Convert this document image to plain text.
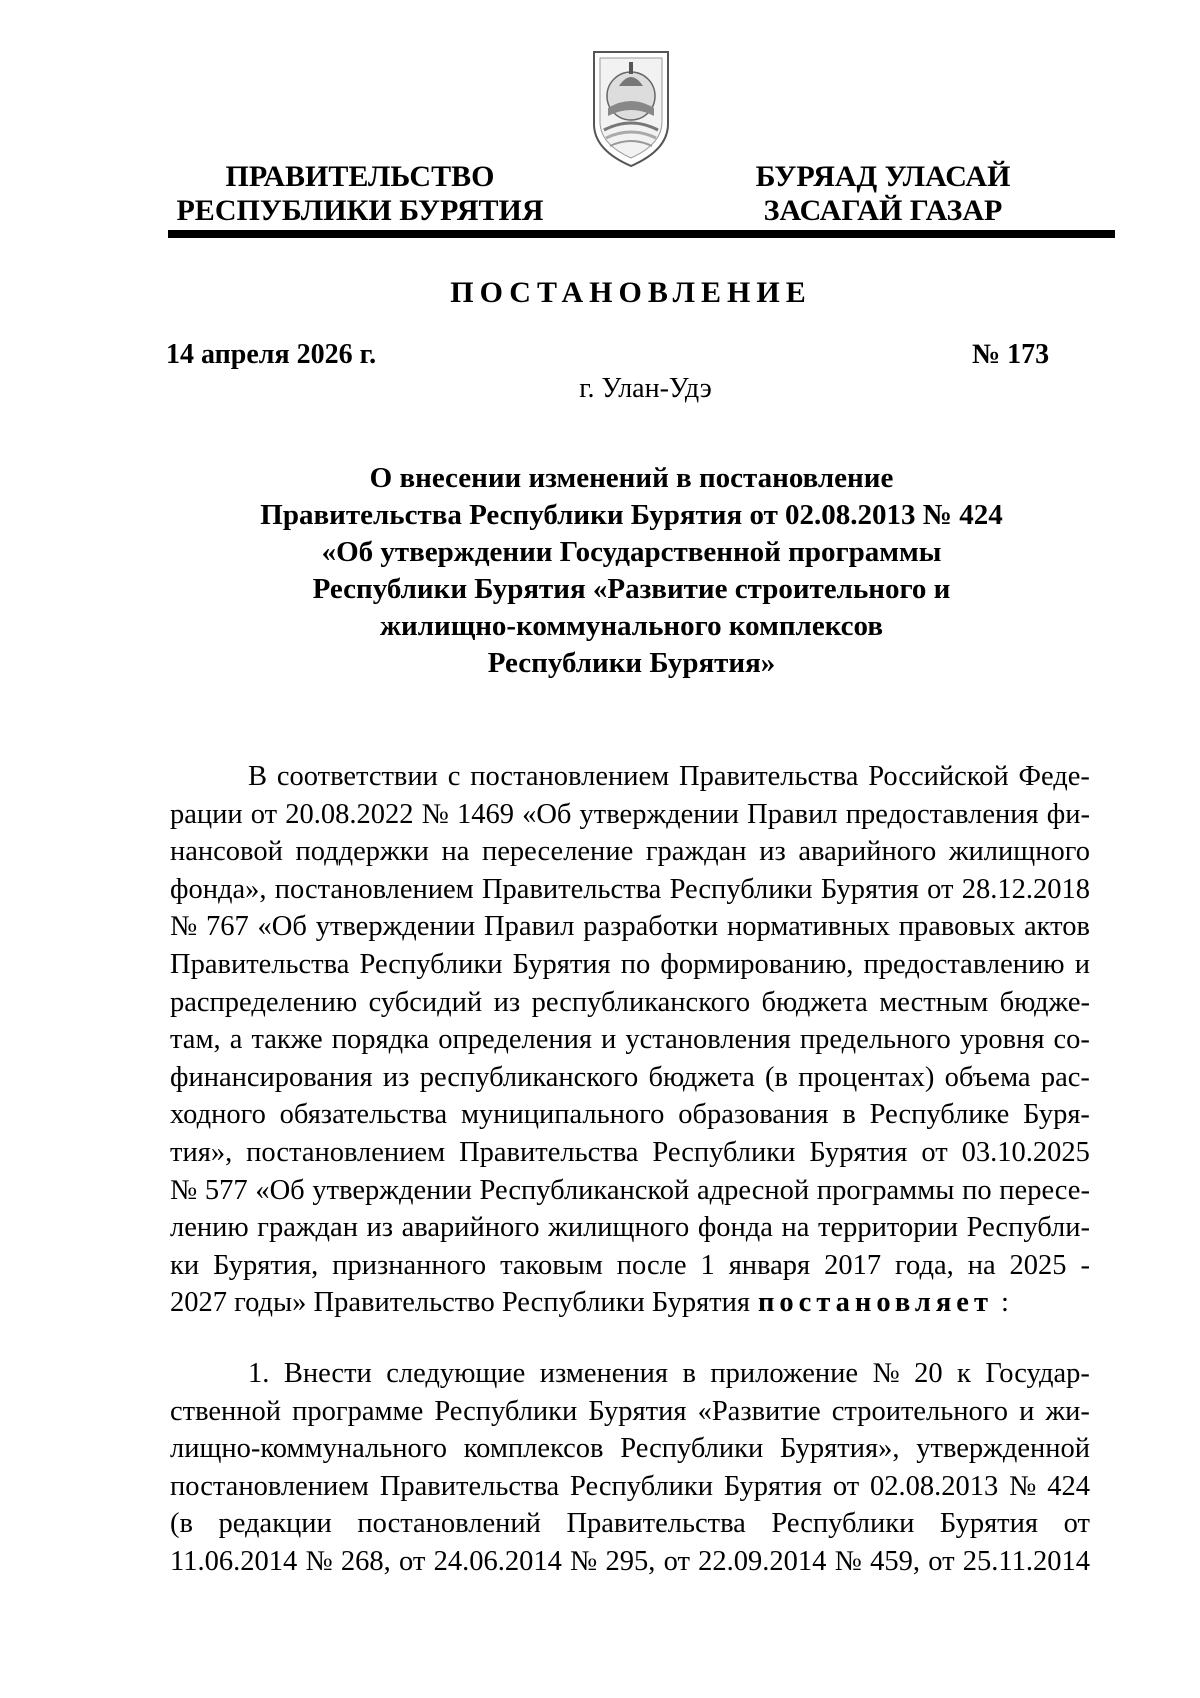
ПРАВИТЕЛЬСТВО
РЕСПУБЛИКИ БУРЯТИЯ
БУРЯАД УЛАСАЙ
ЗАСАГАЙ ГАЗАР
ПОСТАНОВЛЕНИЕ
14 апреля 2026 г.	№ 173
г. Улан-Удэ
О внесении изменений в постановление
Правительства Республики Бурятия от 02.08.2013 № 424
«Об утверждении Государственной программы
Республики Бурятия «Развитие строительного и
жилищно-коммунального комплексов
Республики Бурятия»
В соответствии с постановлением Правительства Российской Феде-
рации от 20.08.2022 № 1469 «Об утверждении Правил предоставления фи-
нансовой поддержки на переселение граждан из аварийного жилищного
фонда», постановлением Правительства Республики Бурятия от 28.12.2018
№ 767 «Об утверждении Правил разработки нормативных правовых актов
Правительства Республики Бурятия по формированию, предоставлению и
распределению субсидий из республиканского бюджета местным бюдже-
там, а также порядка определения и установления предельного уровня со-
финансирования из республиканского бюджета (в процентах) объема рас-
ходного обязательства муниципального образования в Республике Буря-
тия», постановлением Правительства Республики Бурятия от 03.10.2025
№ 577 «Об утверждении Республиканской адресной программы по пересе-
лению граждан из аварийного жилищного фонда на территории Республи-
ки Бурятия, признанного таковым после 1 января 2017 года, на 2025 -
2027 годы» Правительство Республики Бурятия постановляет :
1. Внести следующие изменения в приложение № 20 к Государ-
ственной программе Республики Бурятия «Развитие строительного и жи-
лищно-коммунального комплексов Республики Бурятия», утвержденной
постановлением Правительства Республики Бурятия от 02.08.2013 № 424
(в редакции постановлений Правительства Республики Бурятия от
11.06.2014 № 268, от 24.06.2014 № 295, от 22.09.2014 № 459, от 25.11.2014
